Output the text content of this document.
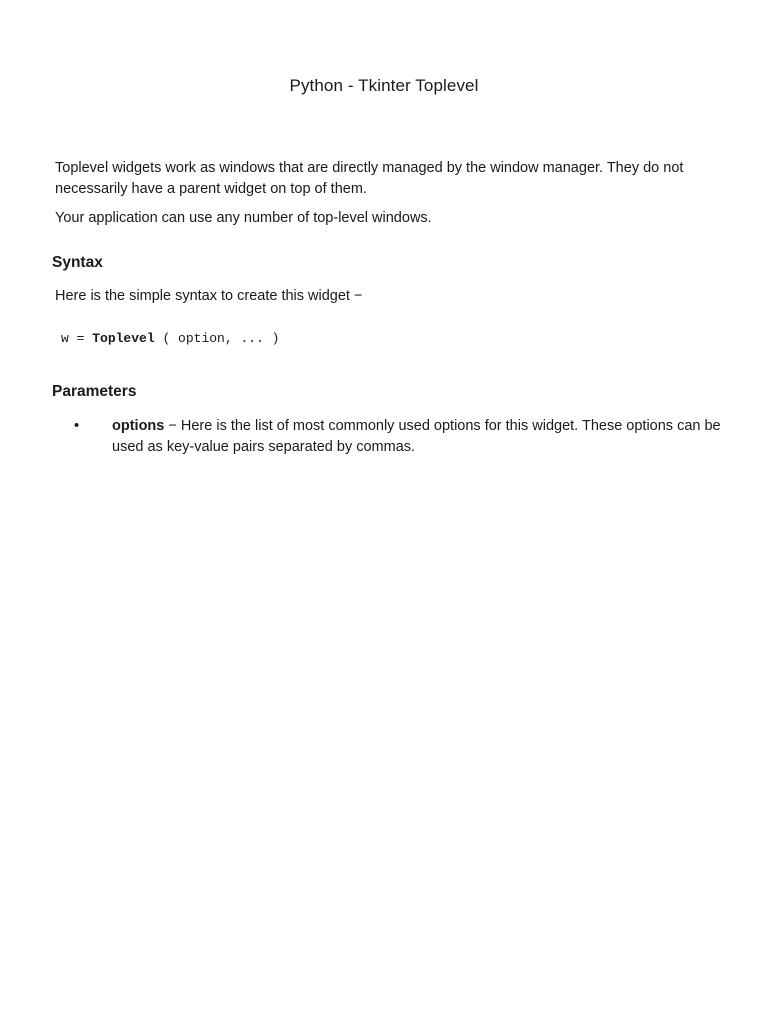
Python - Tkinter Toplevel

Toplevel widgets work as windows that are directly managed by the window manager. They do not necessarily have a parent widget on top of them.

Your application can use any number of top-level windows.

Syntax
Here is the simple syntax to create this widget −
w = Toplevel ( option, ... )
Parameters
• options − Here is the list of most commonly used options for this widget. These options can be used as key-value pairs separated by commas.
